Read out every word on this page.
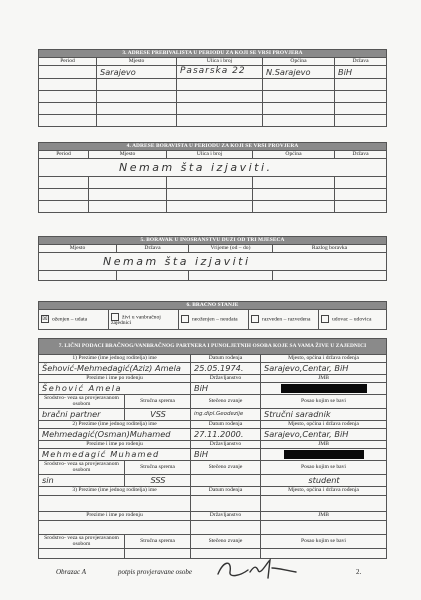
3. ADRESE PREBIVALIŠTA U PERIODU ZA KOJI SE VRŠI PROVJERA				
Period	Mjesto	Ulica i broj	Općina	Država
	Sarajevo	Pasarska 22	N.Sarajevo	BiH

4. ADRESE BORAVIŠTA U PERIODU ZA KOJI SE VRŠI PROVJERA				
Period	Mjesto	Ulica i broj	Općina	Država
Nemam šta izjaviti.				

5. BORAVAK U INOSRANSTVU DUŽI OD TRI MJESECA			
Mjesto	Država	Vrijeme (od – do)	Razlog boravka
Nemam šta izjaviti			

6. BRAČNO STANJE
☒ oženjen – udata	živi u vanbračnoj zajednici	neoženjen – neudata	razveden – razvedena	udovac – udovica
7. LIČNI PODACI BRAČNOG/VANBRAČNOG PARTNERA I PUNOLJETNIH OSOBA KOJE SA VAMA ŽIVE U ZAJEDNICI			
1) Prezime (ime jednog roditelja) ime		Datum rođenja	Mjesto, općina i država rođenja
Šehović-Mehmedagić(Aziz) Amela		25.05.1974.	Sarajevo,Centar, BiH
Prezime i ime po rođenju		Državljanstvo	JMB
Šehović Amela		BiH	
Srodstvo- veza sa provjeravanom osobom	Stručna sprema	Stečeno zvanje	Posao kojim se bavi
bračni partner	VSS	ing.dipl.Geodezije	Stručni saradnik
2) Prezime (ime jednog roditelja) ime		Datum rođenja	Mjesto, općina i država rođenja
Mehmedagić(Osman)Muhamed		27.11.2000.	Sarajevo,Centar, BiH
Prezime i ime po rođenju		Državljanstvo	JMB
Mehmedagić Muhamed		BiH	
Srodstvo- veza sa provjeravanom osobom	Stručna sprema	Stečeno zvanje	Posao kojim se bavi
sin	SSS		student
3) Prezime (ime jednog roditelja) ime		Datum rođenja	Mjesto, općina i država rođenja

Prezime i ime po rođenju		Državljanstvo	JMB

Srodstvo- veza sa provjeravanom osobom	Stručna sprema	Stečeno zvanje	Posao kojim se bavi

Obrazac A	potpis provjeravane osobe	2.
